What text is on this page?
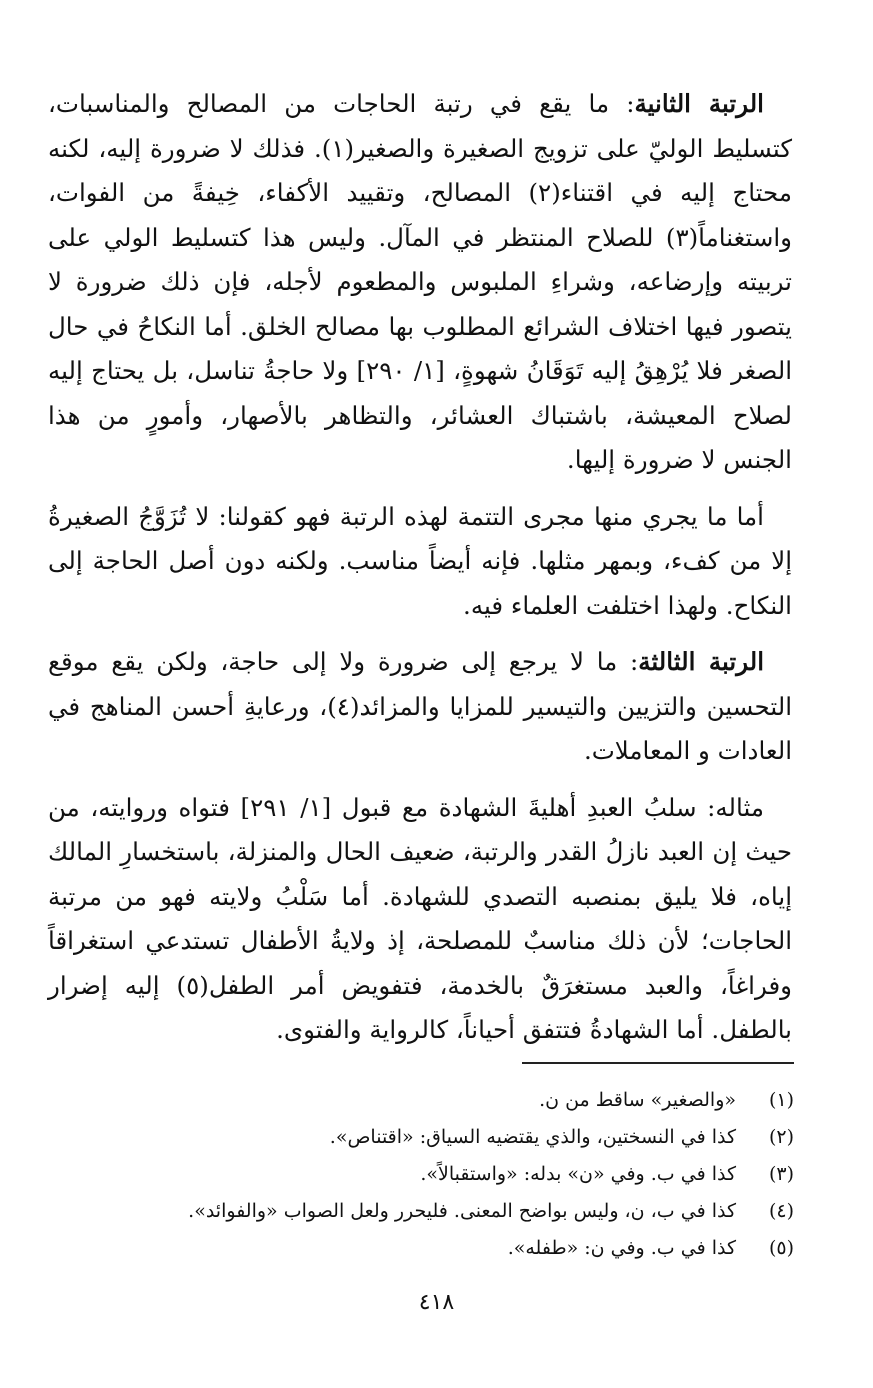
الرتبة الثانية: ما يقع في رتبة الحاجات من المصالح والمناسبات، كتسليط الوليّ على تزويج الصغيرة والصغير(١). فذلك لا ضرورة إليه، لكنه محتاج إليه في اقتناء(٢) المصالح، وتقييد الأكفاء، خِيفةً من الفوات، واستغناماً(٣) للصلاح المنتظر في المآل. وليس هذا كتسليط الولي على تربيته وإرضاعه، وشراءِ الملبوس والمطعوم لأجله، فإن ذلك ضرورة لا يتصور فيها اختلاف الشرائع المطلوب بها مصالح الخلق. أما النكاحُ في حال الصغر فلا يُرْهِقُ إليه تَوَقَانُ شهوةٍ، [١/ ٢٩٠] ولا حاجةُ تناسل، بل يحتاج إليه لصلاح المعيشة، باشتباك العشائر، والتظاهر بالأصهار، وأمورٍ من هذا الجنس لا ضرورة إليها.

أما ما يجري منها مجرى التتمة لهذه الرتبة فهو كقولنا: لا تُزَوَّجُ الصغيرةُ إلا من كفء، وبمهر مثلها. فإنه أيضاً مناسب. ولكنه دون أصل الحاجة إلى النكاح. ولهذا اختلفت العلماء فيه.

الرتبة الثالثة: ما لا يرجع إلى ضرورة ولا إلى حاجة، ولكن يقع موقع التحسين والتزيين والتيسير للمزايا والمزائد(٤)، ورعايةِ أحسن المناهج في العادات و المعاملات.

مثاله: سلبُ العبدِ أهليةَ الشهادة مع قبول [١/ ٢٩١] فتواه وروايته، من حيث إن العبد نازلُ القدر والرتبة، ضعيف الحال والمنزلة، باستخسارِ المالك إياه، فلا يليق بمنصبه التصدي للشهادة. أما سَلْبُ ولايته فهو من مرتبة الحاجات؛ لأن ذلك مناسبٌ للمصلحة، إذ ولايةُ الأطفال تستدعي استغراقاً وفراغاً، والعبد مستغرَقٌ بالخدمة، فتفويض أمر الطفل(٥) إليه إضرار بالطفل. أما الشهادةُ فتتفق أحياناً، كالرواية والفتوى.

(١)
«والصغير» ساقط من ن.
(٢)
كذا في النسختين، والذي يقتضيه السياق: «اقتناص».
(٣)
كذا في ب. وفي «ن» بدله: «واستقبالاً».
(٤)
كذا في ب، ن، وليس بواضح المعنى. فليحرر ولعل الصواب «والفوائد».
(٥)
كذا في ب. وفي ن: «طفله».
٤١٨
